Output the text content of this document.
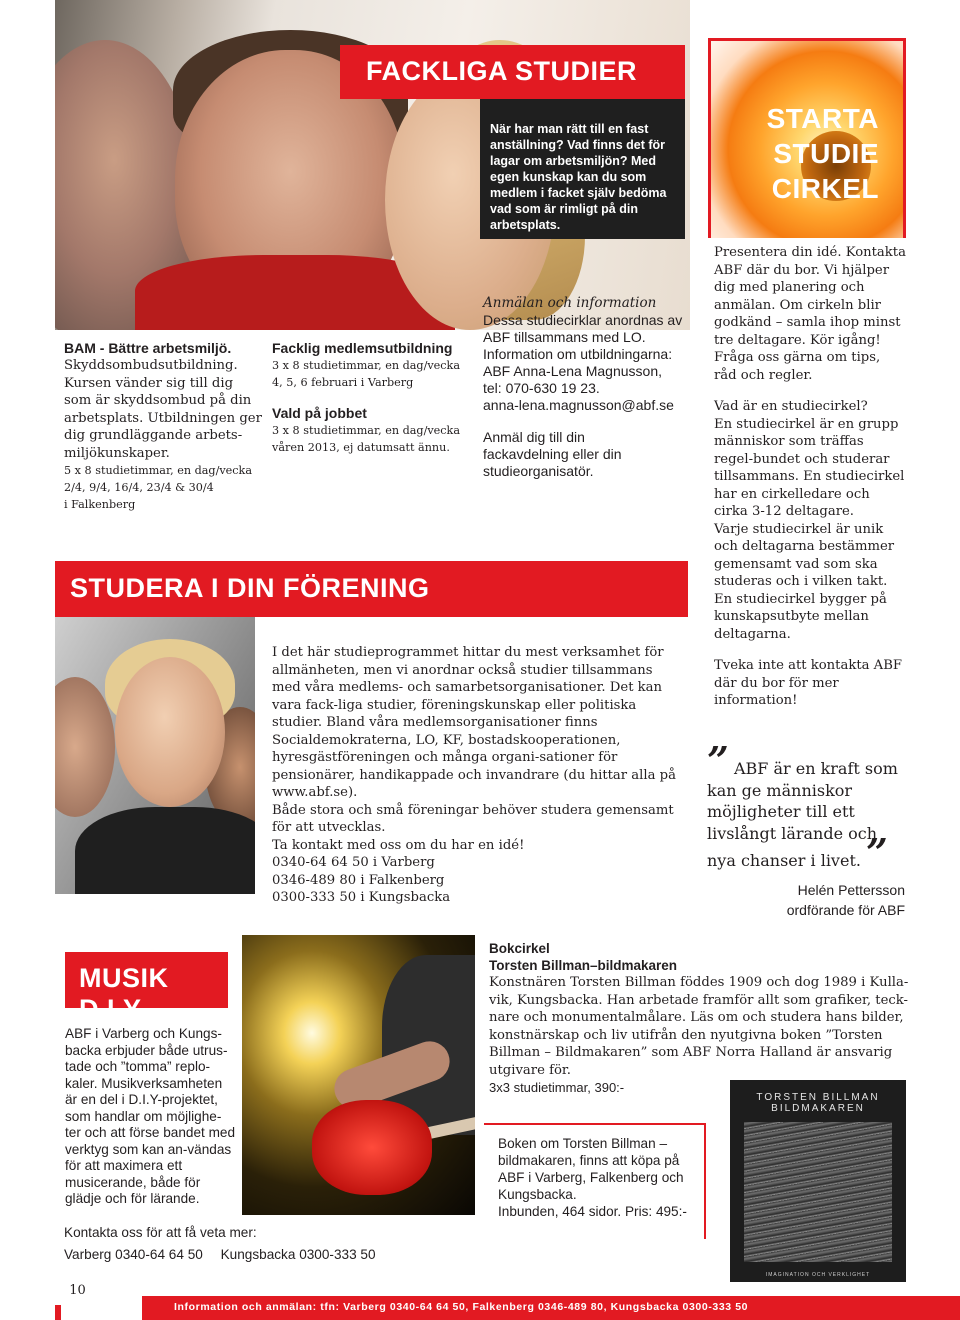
FACKLIGA STUDIER

När har man rätt till en fast anställning? Vad finns det för lagar om arbetsmiljön? Med egen kunskap kan du som medlem i facket själv bedöma vad som är rimligt på din arbetsplats.

STARTA
STUDIE
CIRKEL
BAM - Bättre arbetsmiljö.
Skyddsombudsutbildning. Kursen vänder sig till dig som är skyddsombud på din arbetsplats. Utbildningen ger dig grundläggande arbets-miljökunskaper.
5 x 8 studietimmar, en dag/vecka
2/4, 9/4, 16/4, 23/4 & 30/4
i Falkenberg
Facklig medlemsutbildning
3 x 8 studietimmar, en dag/vecka
4, 5, 6 februari i Varberg
Vald på jobbet
3 x 8 studietimmar, en dag/vecka
våren 2013, ej datumsatt ännu.
Anmälan och information
Dessa studiecirklar anordnas av
ABF tillsammans med LO.
Information om utbildningarna:
ABF Anna-Lena Magnusson,
tel: 070-630 19 23.
anna-lena.magnusson@abf.se
Anmäl dig till din fackavdelning eller din studieorganisatör.
Presentera din idé. Kontakta ABF där du bor. Vi hjälper dig med planering och anmälan. Om cirkeln blir godkänd – samla ihop minst tre deltagare. Kör igång! Fråga oss gärna om tips, råd och regler.
Vad är en studiecirkel?
En studiecirkel är en grupp människor som träffas regel-bundet och studerar tillsammans. En studiecirkel har en cirkelledare och cirka 3-12 deltagare.
Varje studiecirkel är unik och deltagarna bestämmer gemensamt vad som ska studeras och i vilken takt. En studiecirkel bygger på kunskapsutbyte mellan deltagarna.
Tveka inte att kontakta ABF där du bor för mer information!
” ABF är en kraft som kan ge människor möjligheter till ett livslångt lärande och nya chanser i livet. ”
Helén Pettersson
ordförande för ABF
STUDERA I DIN FÖRENING
I det här studieprogrammet hittar du mest verksamhet för allmänheten, men vi anordnar också studier tillsammans med våra medlems- och samarbetsorganisationer. Det kan vara fack-liga studier, föreningskunskap eller politiska studier. Bland våra medlemsorganisationer finns Socialdemokraterna, LO, KF, bostadskooperationen, hyresgästföreningen och många organi-sationer för pensionärer, handikappade och invandrare (du hittar alla på www.abf.se).
Både stora och små föreningar behöver studera gemensamt för att utvecklas.
Ta kontakt med oss om du har en idé!
0340-64 64 50 i Varberg
0346-489 80 i Falkenberg
0300-333 50 i Kungsbacka
MUSIK D.I.Y
ABF i Varberg och Kungs-backa erbjuder både utrus-tade och ”tomma” replo-kaler. Musikverksamheten är en del i D.I.Y-projektet, som handlar om möjlighe-ter och att förse bandet med verktyg som kan an-vändas för att maximera ett musicerande, både för glädje och för lärande.
Kontakta oss för att få veta mer:
Varberg 0340-64 64 50 Kungsbacka 0300-333 50
Bokcirkel
Torsten Billman–bildmakaren
Konstnären Torsten Billman föddes 1909 och dog 1989 i Kulla-vik, Kungsbacka. Han arbetade framför allt som grafiker, teck-nare och monumentalmålare. Läs om och studera hans bilder, konstnärskap och liv utifrån den nyutgivna boken ”Torsten Billman – Bildmakaren” som ABF Norra Halland är ansvarig utgivare för.
3x3 studietimmar, 390:-
Boken om Torsten Billman – bildmakaren, finns att köpa på ABF i Varberg, Falkenberg och Kungsbacka.
Inbunden, 464 sidor. Pris: 495:-
TORSTEN BILLMAN BILDMAKAREN
IMAGINATION OCH VERKLIGHET
Information och anmälan: tfn: Varberg 0340-64 64 50, Falkenberg 0346-489 80, Kungsbacka 0300-333 50
10
